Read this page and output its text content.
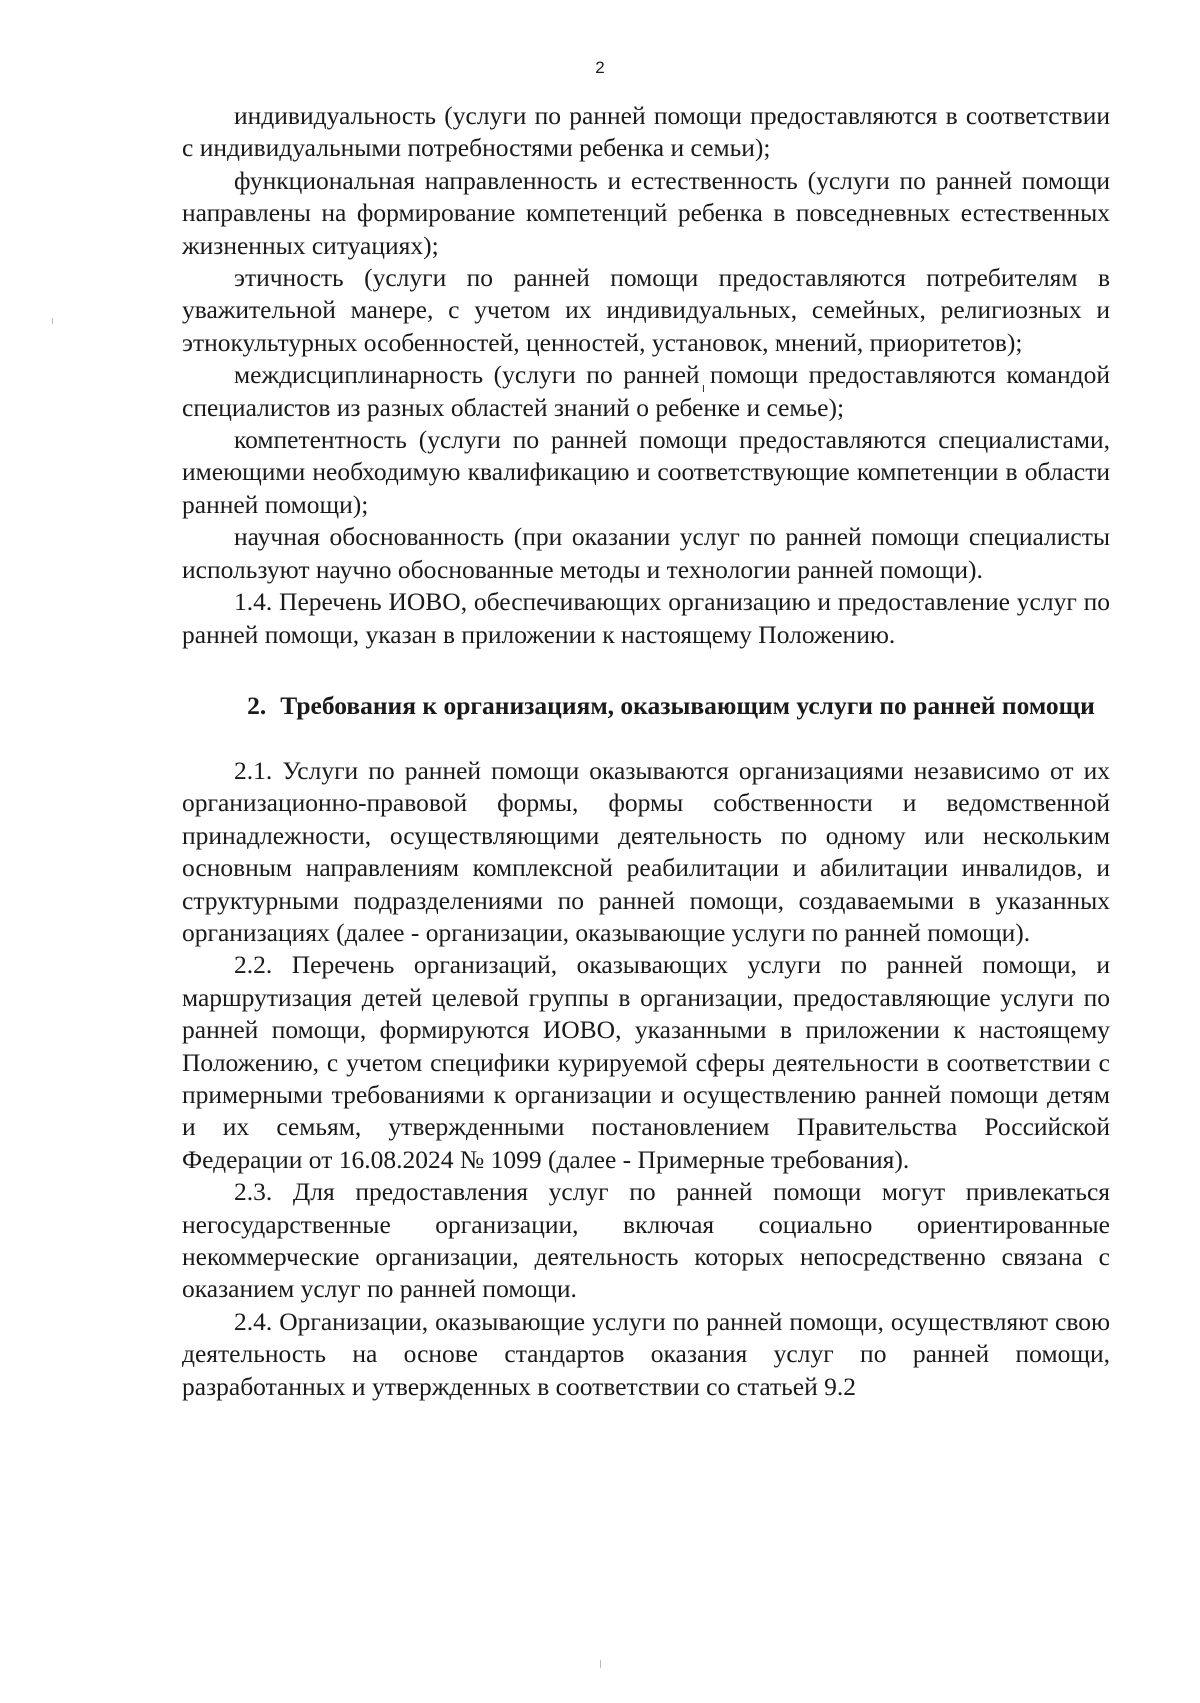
2

индивидуальность (услуги по ранней помощи предоставляются в соответствии с индивидуальными потребностями ребенка и семьи);

функциональная направленность и естественность (услуги по ранней помощи направлены на формирование компетенций ребенка в повседневных естественных жизненных ситуациях);

этичность (услуги по ранней помощи предоставляются потребителям в уважительной манере, с учетом их индивидуальных, семейных, религиозных и этнокультурных особенностей, ценностей, установок, мнений, приоритетов);

междисциплинарность (услуги по ранней помощи предоставляются командой специалистов из разных областей знаний о ребенке и семье);

компетентность (услуги по ранней помощи предоставляются специалистами, имеющими необходимую квалификацию и соответствующие компетенции в области ранней помощи);

научная обоснованность (при оказании услуг по ранней помощи специалисты используют научно обоснованные методы и технологии ранней помощи).

1.4. Перечень ИОВО, обеспечивающих организацию и предоставление услуг по ранней помощи, указан в приложении к настоящему Положению.

2. Требования к организациям, оказывающим услуги по ранней помощи

2.1. Услуги по ранней помощи оказываются организациями независимо от их организационно-правовой формы, формы собственности и ведомственной принадлежности, осуществляющими деятельность по одному или нескольким основным направлениям комплексной реабилитации и абилитации инвалидов, и структурными подразделениями по ранней помощи, создаваемыми в указанных организациях (далее - организации, оказывающие услуги по ранней помощи).

2.2. Перечень организаций, оказывающих услуги по ранней помощи, и маршрутизация детей целевой группы в организации, предоставляющие услуги по ранней помощи, формируются ИОВО, указанными в приложении к настоящему Положению, с учетом специфики курируемой сферы деятельности в соответствии с примерными требованиями к организации и осуществлению ранней помощи детям и их семьям, утвержденными постановлением Правительства Российской Федерации от 16.08.2024 № 1099 (далее - Примерные требования).

2.3. Для предоставления услуг по ранней помощи могут привлекаться негосударственные организации, включая социально ориентированные некоммерческие организации, деятельность которых непосредственно связана с оказанием услуг по ранней помощи.

2.4. Организации, оказывающие услуги по ранней помощи, осуществляют свою деятельность на основе стандартов оказания услуг по ранней помощи, разработанных и утвержденных в соответствии со статьей 9.2
